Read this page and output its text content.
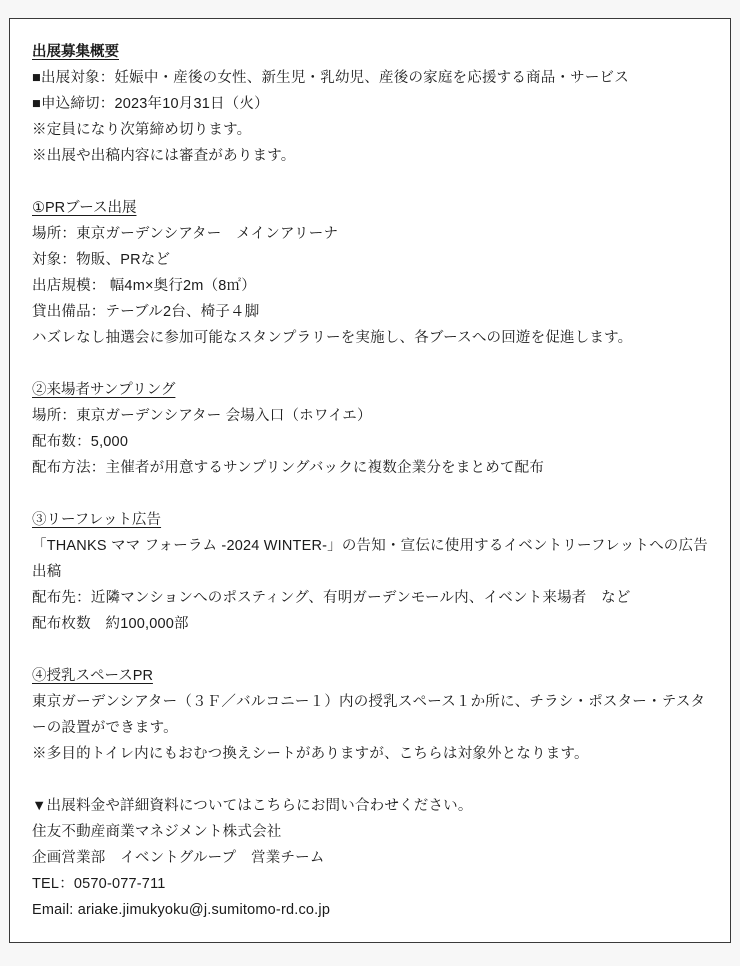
出展募集概要
■出展対象：妊娠中・産後の女性、新生児・乳幼児、産後の家庭を応援する商品・サービス
■申込締切：2023年10月31日（火）
※定員になり次第締め切ります。
※出展や出稿内容には審査があります。
①PRブース出展
場所：東京ガーデンシアター　メインアリーナ
対象：物販、PRなど
出店規模： 幅4m×奥行2m（8㎡）
貸出備品：テーブル2台、椅子４脚
ハズレなし抽選会に参加可能なスタンプラリーを実施し、各ブースへの回遊を促進します。
②来場者サンプリング
場所：東京ガーデンシアター 会場入口（ホワイエ）
配布数：5,000
配布方法：主催者が用意するサンプリングバックに複数企業分をまとめて配布
③リーフレット広告
「THANKS ママ フォーラム -2024 WINTER-」の告知・宣伝に使用するイベントリーフレットへの広告出稿
配布先：近隣マンションへのポスティング、有明ガーデンモール内、イベント来場者　など
配布枚数　約100,000部
④授乳スペースPR
東京ガーデンシアター（３Ｆ／バルコニー１）内の授乳スペース１か所に、チラシ・ポスター・テスターの設置ができます。
※多目的トイレ内にもおむつ換えシートがありますが、こちらは対象外となります。
▼出展料金や詳細資料についてはこちらにお問い合わせください。
住友不動産商業マネジメント株式会社
企画営業部　イベントグループ　営業チーム
TEL：0570-077-711
Email: ariake.jimukyoku@j.sumitomo-rd.co.jp
